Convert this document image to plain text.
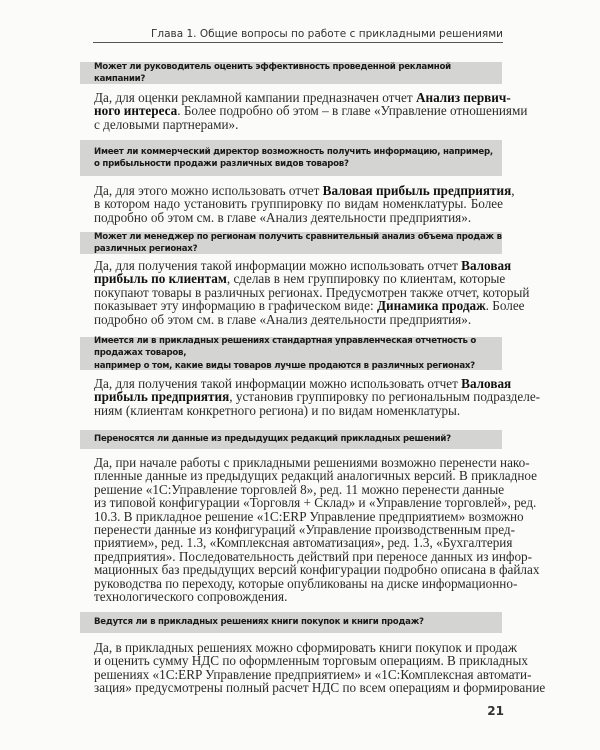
Глава 1. Общие вопросы по работе с прикладными решениями
Может ли руководитель оценить эффективность проведенной рекламной кампании?
Да, для оценки рекламной кампании предназначен отчет Анализ первич-
ного интереса. Более подробно об этом – в главе «Управление отношениями
с деловыми партнерами».
Имеет ли коммерческий директор возможность получить информацию, например,
о прибыльности продажи различных видов товаров?
Да, для этого можно использовать отчет Валовая прибыль предприятия,
в котором надо установить группировку по видам номенклатуры. Более
подробно об этом см. в главе «Анализ деятельности предприятия».
Может ли менеджер по регионам получить сравнительный анализ объема продаж в различных регионах?
Да, для получения такой информации можно использовать отчет Валовая
прибыль по клиентам, сделав в нем группировку по клиентам, которые
покупают товары в различных регионах. Предусмотрен также отчет, который
показывает эту информацию в графическом виде: Динамика продаж. Более
подробно об этом см. в главе «Анализ деятельности предприятия».
Имеется ли в прикладных решениях стандартная управленческая отчетность о продажах товаров,
например о том, какие виды товаров лучше продаются в различных регионах?
Да, для получения такой информации можно использовать отчет Валовая
прибыль предприятия, установив группировку по региональным подразделе-
ниям (клиентам конкретного региона) и по видам номенклатуры.
Переносятся ли данные из предыдущих редакций прикладных решений?
Да, при начале работы с прикладными решениями возможно перенести нако-
пленные данные из предыдущих редакций аналогичных версий. В прикладное
решение «1С:Управление торговлей 8», ред. 11 можно перенести данные
из типовой конфигурации «Торговля + Склад» и «Управление торговлей», ред.
10.3. В прикладное решение «1С:ERP Управление предприятием» возможно
перенести данные из конфигураций «Управление производственным пред-
приятием», ред. 1.3, «Комплексная автоматизация», ред. 1.3, «Бухгалтерия
предприятия». Последовательность действий при переносе данных из инфор-
мационных баз предыдущих версий конфигурации подробно описана в файлах
руководства по переходу, которые опубликованы на диске информационно-
технологического сопровождения.
Ведутся ли в прикладных решениях книги покупок и книги продаж?
Да, в прикладных решениях можно сформировать книги покупок и продаж
и оценить сумму НДС по оформленным торговым операциям. В прикладных
решениях «1С:ERP Управление предприятием» и «1С:Комплексная автомати-
зация» предусмотрены полный расчет НДС по всем операциям и формирование
21
